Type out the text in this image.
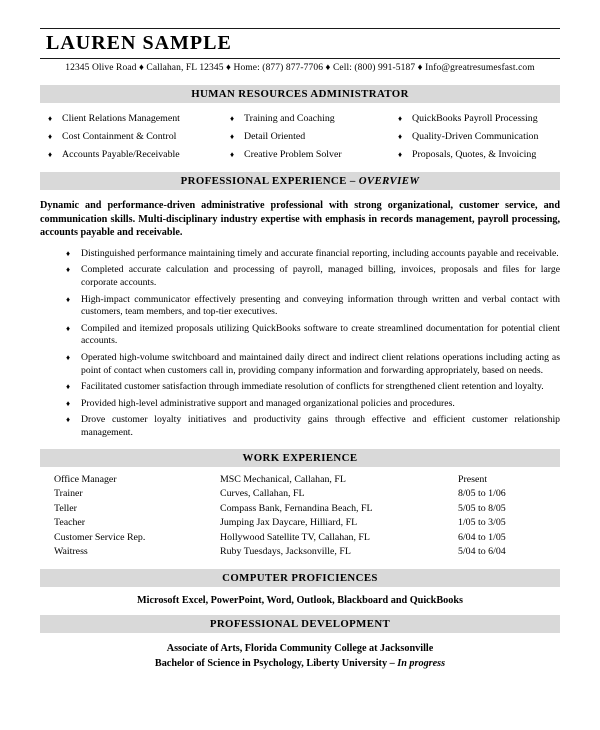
LAUREN SAMPLE
12345 Olive Road ♦ Callahan, FL 12345 ♦ Home: (877) 877-7706 ♦ Cell: (800) 991-5187 ♦ Info@greatresumesfast.com
HUMAN RESOURCES ADMINISTRATOR
♦	Client Relations Management	♦	Training and Coaching	♦	QuickBooks Payroll Processing
♦	Cost Containment & Control	♦	Detail Oriented	♦	Quality-Driven Communication
♦	Accounts Payable/Receivable	♦	Creative Problem Solver	♦	Proposals, Quotes, & Invoicing
PROFESSIONAL EXPERIENCE – OVERVIEW
Dynamic and performance-driven administrative professional with strong organizational, customer service, and communication skills. Multi-disciplinary industry expertise with emphasis in records management, payroll processing, accounts payable and receivable.
♦	Distinguished performance maintaining timely and accurate financial reporting, including accounts payable and receivable.
♦	Completed accurate calculation and processing of payroll, managed billing, invoices, proposals and files for large corporate accounts.
♦	High-impact communicator effectively presenting and conveying information through written and verbal contact with customers, team members, and top-tier executives.
♦	Compiled and itemized proposals utilizing QuickBooks software to create streamlined documentation for potential client accounts.
♦	Operated high-volume switchboard and maintained daily direct and indirect client relations operations including acting as point of contact when customers call in, providing company information and forwarding appropriately, based on needs.
♦	Facilitated customer satisfaction through immediate resolution of conflicts for strengthened client retention and loyalty.
♦	Provided high-level administrative support and managed organizational policies and procedures.
♦	Drove customer loyalty initiatives and productivity gains through effective and efficient customer relationship management.
WORK EXPERIENCE
Office Manager	MSC Mechanical, Callahan, FL	Present
Trainer	Curves, Callahan, FL	8/05 to 1/06
Teller	Compass Bank, Fernandina Beach, FL	5/05 to 8/05
Teacher	Jumping Jax Daycare, Hilliard, FL	1/05 to 3/05
Customer Service Rep.	Hollywood Satellite TV, Callahan, FL	6/04 to 1/05
Waitress	Ruby Tuesdays, Jacksonville, FL	5/04 to 6/04
COMPUTER PROFICIENCES
Microsoft Excel, PowerPoint, Word, Outlook, Blackboard and QuickBooks
PROFESSIONAL DEVELOPMENT
Associate of Arts, Florida Community College at Jacksonville
Bachelor of Science in Psychology, Liberty University – In progress
